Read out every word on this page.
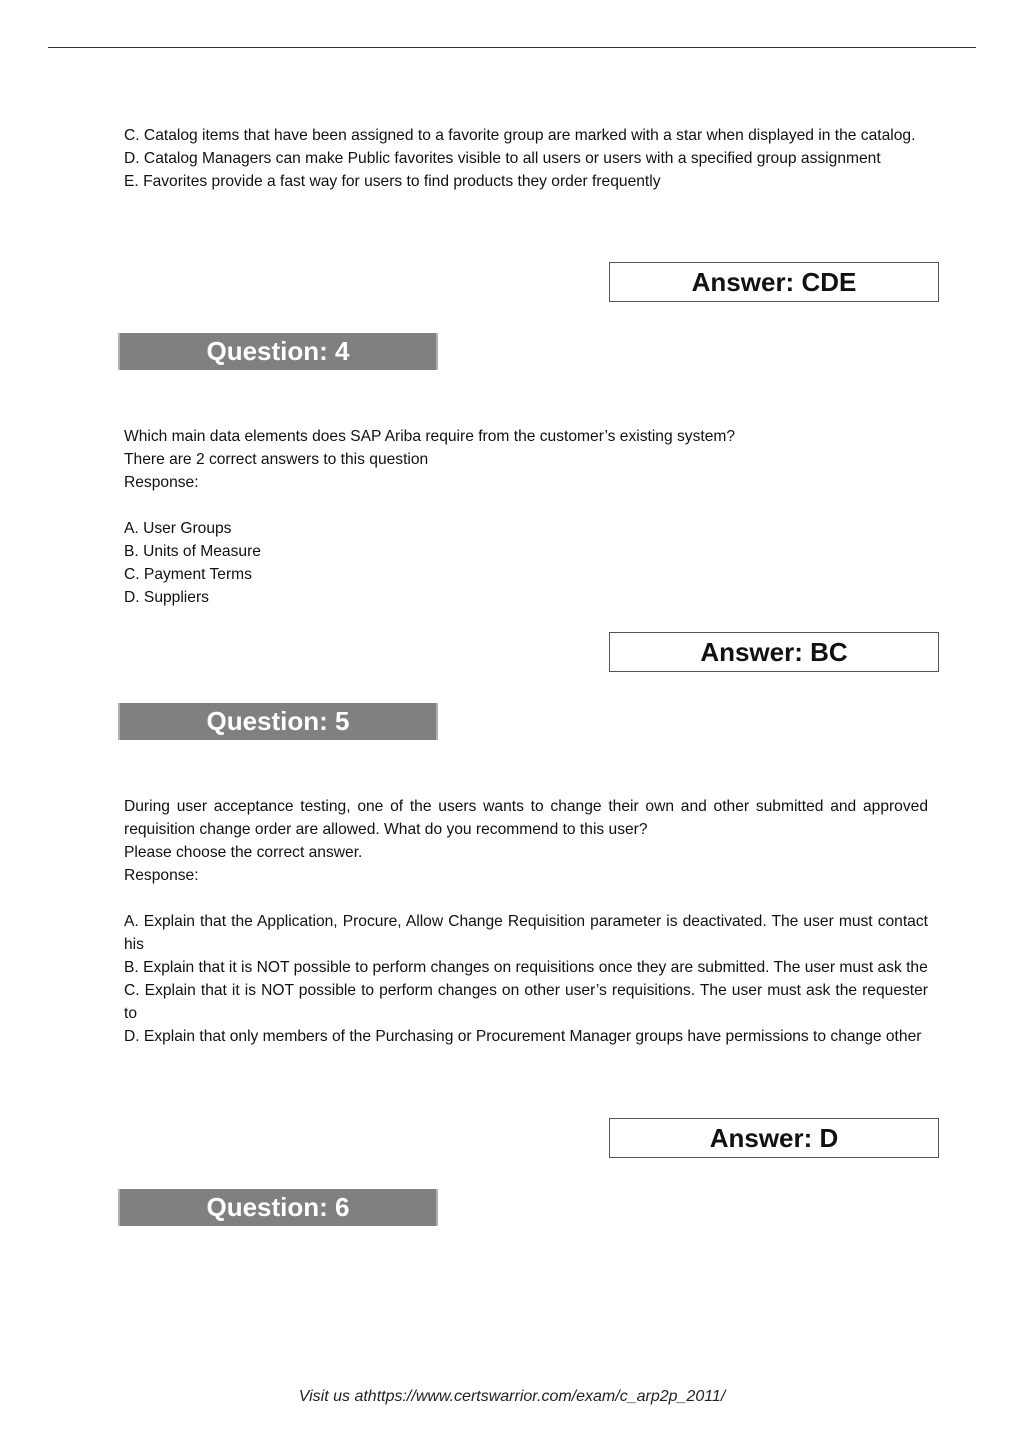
C. Catalog items that have been assigned to a favorite group are marked with a star when displayed in the catalog.

D. Catalog Managers can make Public favorites visible to all users or users with a specified group assignment

E. Favorites provide a fast way for users to find products they order frequently

Answer: CDE
Question: 4

Which main data elements does SAP Ariba require from the customer’s existing system?

There are 2 correct answers to this question

Response:

A. User Groups

B. Units of Measure

C. Payment Terms

D. Suppliers

Answer: BC
Question: 5

During user acceptance testing, one of the users wants to change their own and other submitted and approved requisition change order are allowed. What do you recommend to this user?

Please choose the correct answer.

Response:

A. Explain that the Application, Procure, Allow Change Requisition parameter is deactivated. The user must contact his

B. Explain that it is NOT possible to perform changes on requisitions once they are submitted. The user must ask the

C. Explain that it is NOT possible to perform changes on other user’s requisitions. The user must ask the requester to

D. Explain that only members of the Purchasing or Procurement Manager groups have permissions to change other

Answer: D
Question: 6
Visit us athttps://www.certswarrior.com/exam/c_arp2p_2011/
